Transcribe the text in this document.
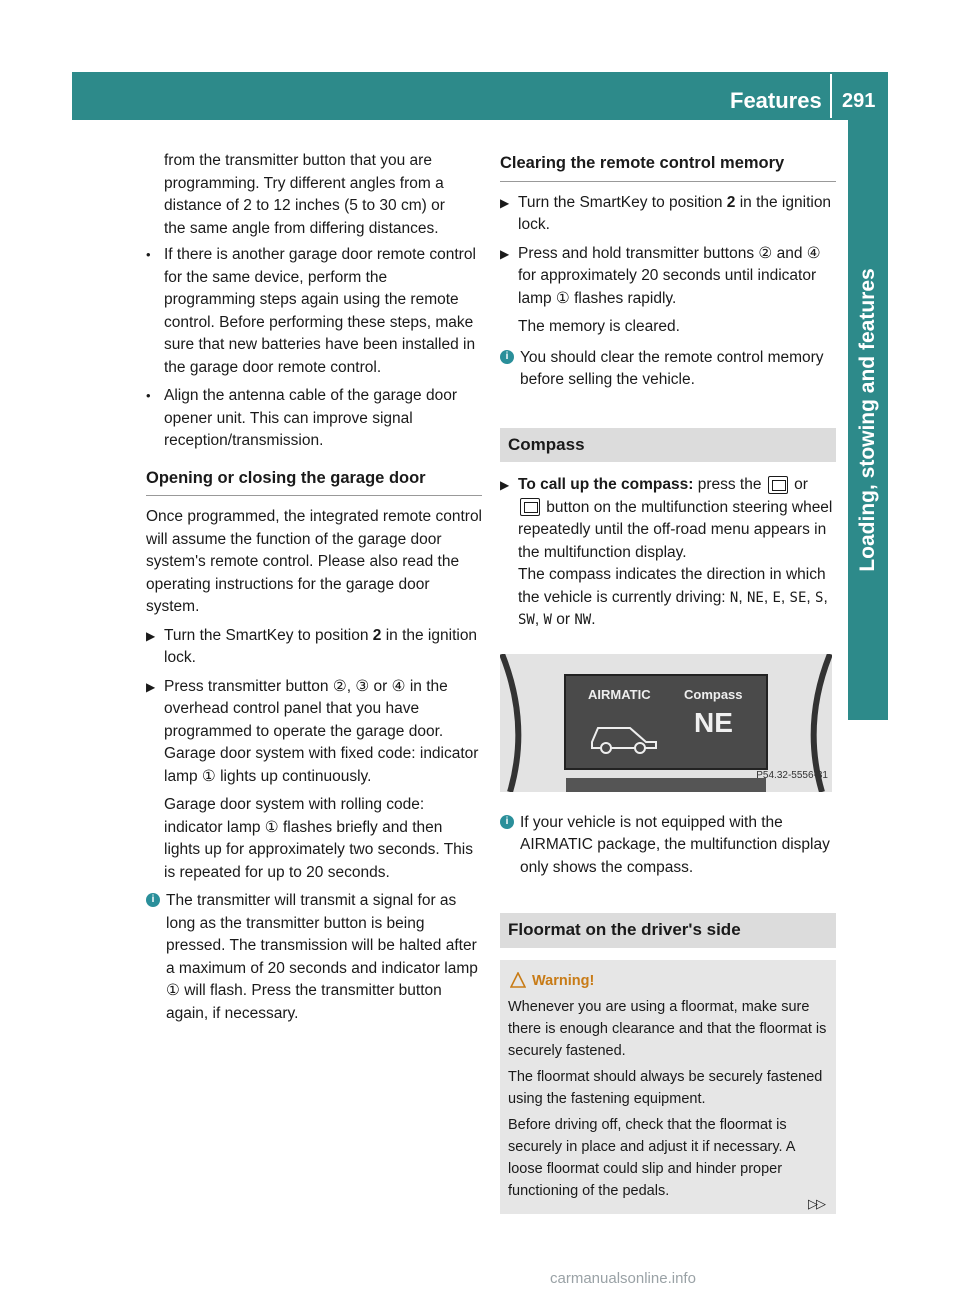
Features 291
Loading, stowing and features
from the transmitter button that you are
programming. Try different angles from a
distance of 2 to 12 inches (5 to 30 cm) or
the same angle from differing distances.
• If there is another garage door remote control for the same device, perform the programming steps again using the remote control. Before performing these steps, make sure that new batteries have been installed in the garage door remote control.
• Align the antenna cable of the garage door opener unit. This can improve signal reception/transmission.
Opening or closing the garage door

Once programmed, the integrated remote control will assume the function of the garage door system's remote control. Please also read the operating instructions for the garage door system.

▶ Turn the SmartKey to position 2 in the ignition lock.
▶ Press transmitter button ②, ③ or ④ in the overhead control panel that you have programmed to operate the garage door.
Garage door system with fixed code: indicator lamp ① lights up continuously.
Garage door system with rolling code: indicator lamp ① flashes briefly and then lights up for approximately two seconds. This is repeated for up to 20 seconds.
i The transmitter will transmit a signal for as long as the transmitter button is being pressed. The transmission will be halted after a maximum of 20 seconds and indicator lamp ① will flash. Press the transmitter button again, if necessary.
Clearing the remote control memory
▶ Turn the SmartKey to position 2 in the ignition lock.
▶ Press and hold transmitter buttons ② and ④ for approximately 20 seconds until indicator lamp ① flashes rapidly.

The memory is cleared.

i You should clear the remote control memory before selling the vehicle.
Compass
▶ To call up the compass: press the or  button on the multifunction steering wheel repeatedly until the off-road menu appears in the multifunction display.
The compass indicates the direction in which the vehicle is currently driving: N, NE, E, SE, S, SW, W or NW.
AIRMATIC	Compass
NE
P54.32-5556-31
i If your vehicle is not equipped with the AIRMATIC package, the multifunction display only shows the compass.
Floormat on the driver's side
Warning!

Whenever you are using a floormat, make sure there is enough clearance and that the floormat is securely fastened.

The floormat should always be securely fastened using the fastening equipment.

Before driving off, check that the floormat is securely in place and adjust it if necessary. A loose floormat could slip and hinder proper functioning of the pedals.

▷▷
carmanualsonline.info
